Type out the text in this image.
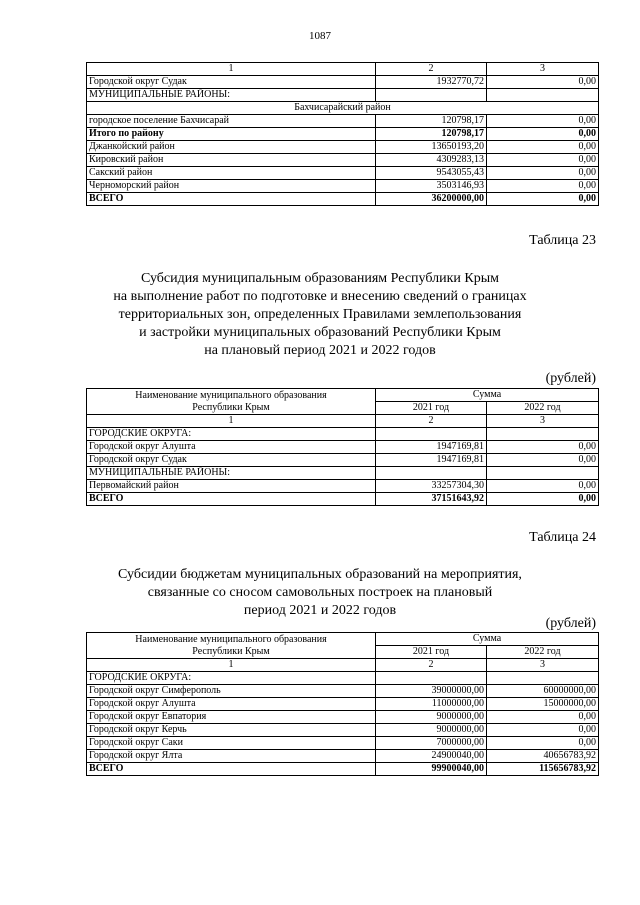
1087
1	2	3
Городской округ Судак	1932770,72	0,00
МУНИЦИПАЛЬНЫЕ РАЙОНЫ:		
Бахчисарайский район		
городское поселение Бахчисарай	120798,17	0,00
Итого по району	120798,17	0,00
Джанкойский район	13650193,20	0,00
Кировский район	4309283,13	0,00
Сакский район	9543055,43	0,00
Черноморский район	3503146,93	0,00
ВСЕГО	36200000,00	0,00
Таблица 23
Субсидия муниципальным образованиям Республики Крым
на выполнение работ по подготовке и внесению сведений о границах
территориальных зон, определенных Правилами землепользования
и застройки муниципальных образований Республики Крым
на плановый период 2021 и 2022 годов
(рублей)
Наименование муниципального образования
Республики Крым	Сумма	
	2021 год	2022 год
1	2	3
ГОРОДСКИЕ ОКРУГА:		
Городской округ Алушта	1947169,81	0,00
Городской округ Судак	1947169,81	0,00
МУНИЦИПАЛЬНЫЕ РАЙОНЫ:		
Первомайский район	33257304,30	0,00
ВСЕГО	37151643,92	0,00
Таблица 24
Субсидии бюджетам муниципальных образований на мероприятия,
связанные со сносом самовольных построек на плановый
период 2021 и 2022 годов
(рублей)
Наименование муниципального образования
Республики Крым	Сумма	
	2021 год	2022 год
1	2	3
ГОРОДСКИЕ ОКРУГА:		
Городской округ Симферополь	39000000,00	60000000,00
Городской округ Алушта	11000000,00	15000000,00
Городской округ Евпатория	9000000,00	0,00
Городской округ Керчь	9000000,00	0,00
Городской округ Саки	7000000,00	0,00
Городской округ Ялта	24900040,00	40656783,92
ВСЕГО	99900040,00	115656783,92
